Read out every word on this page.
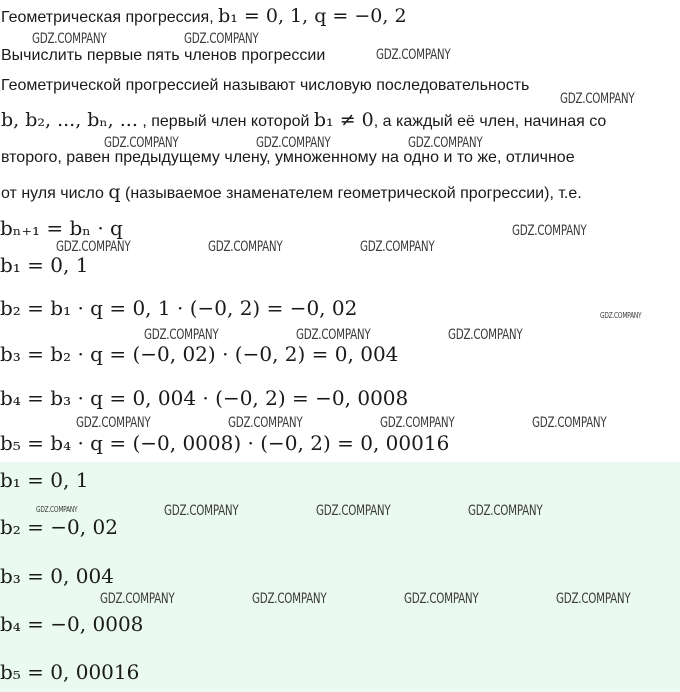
Геометрическая прогрессия, b₁ = 0, 1, q = −0, 2
Вычислить первые пять членов прогрессии
Геометрической прогрессией называют числовую последовательность
b, b₂, ..., bₙ, ... , первый член которой b₁ ≠ 0, а каждый её член, начиная со
второго, равен предыдущему члену, умноженному на одно и то же, отличное
от нуля число q (называемое знаменателем геометрической прогрессии), т.е.
bₙ₊₁ = bₙ · q
b₁ = 0, 1
b₂ = b₁ · q = 0, 1 · (−0, 2) = −0, 02
b₃ = b₂ · q = (−0, 02) · (−0, 2) = 0, 004
b₄ = b₃ · q = 0, 004 · (−0, 2) = −0, 0008
b₅ = b₄ · q = (−0, 0008) · (−0, 2) = 0, 00016
b₁ = 0, 1
b₂ = −0, 02
b₃ = 0, 004
b₄ = −0, 0008
b₅ = 0, 00016
GDZ.COMPANY	GDZ.COMPANY
GDZ.COMPANY
GDZ.COMPANY
GDZ.COMPANY	GDZ.COMPANY	GDZ.COMPANY
GDZ.COMPANY
GDZ.COMPANY	GDZ.COMPANY	GDZ.COMPANY
GDZ.COMPANY
GDZ.COMPANY	GDZ.COMPANY	GDZ.COMPANY
GDZ.COMPANY	GDZ.COMPANY	GDZ.COMPANY	GDZ.COMPANY
GDZ.COMPANY	GDZ.COMPANY	GDZ.COMPANY	GDZ.COMPANY
GDZ.COMPANY	GDZ.COMPANY	GDZ.COMPANY	GDZ.COMPANY
